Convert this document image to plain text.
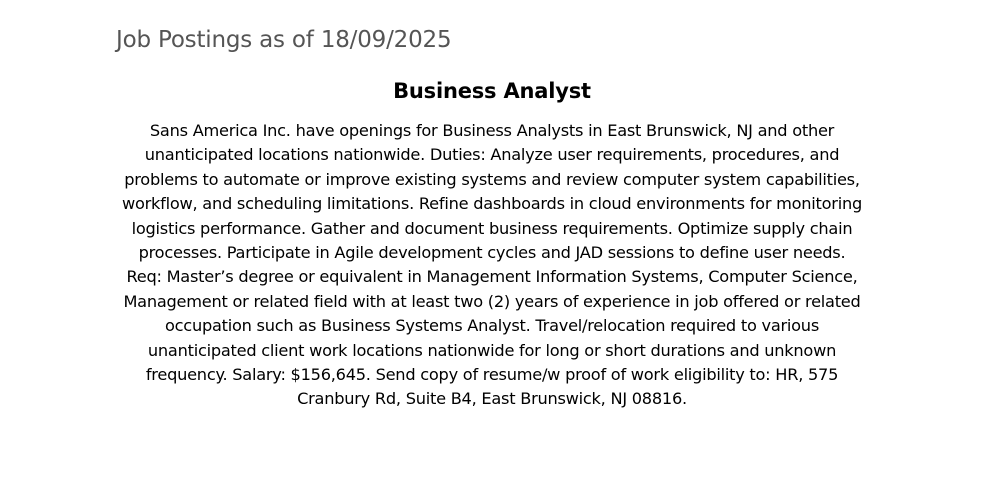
Job Postings as of 18/09/2025
Business Analyst

Sans America Inc. have openings for Business Analysts in East Brunswick, NJ and other unanticipated locations nationwide. Duties: Analyze user requirements, procedures, and problems to automate or improve existing systems and review computer system capabilities, workflow, and scheduling limitations. Refine dashboards in cloud environments for monitoring logistics performance. Gather and document business requirements. Optimize supply chain processes. Participate in Agile development cycles and JAD sessions to define user needs. Req: Master’s degree or equivalent in Management Information Systems, Computer Science, Management or related field with at least two (2) years of experience in job offered or related occupation such as Business Systems Analyst. Travel/relocation required to various unanticipated client work locations nationwide for long or short durations and unknown frequency. Salary: $156,645. Send copy of resume/w proof of work eligibility to: HR, 575 Cranbury Rd, Suite B4, East Brunswick, NJ 08816.
